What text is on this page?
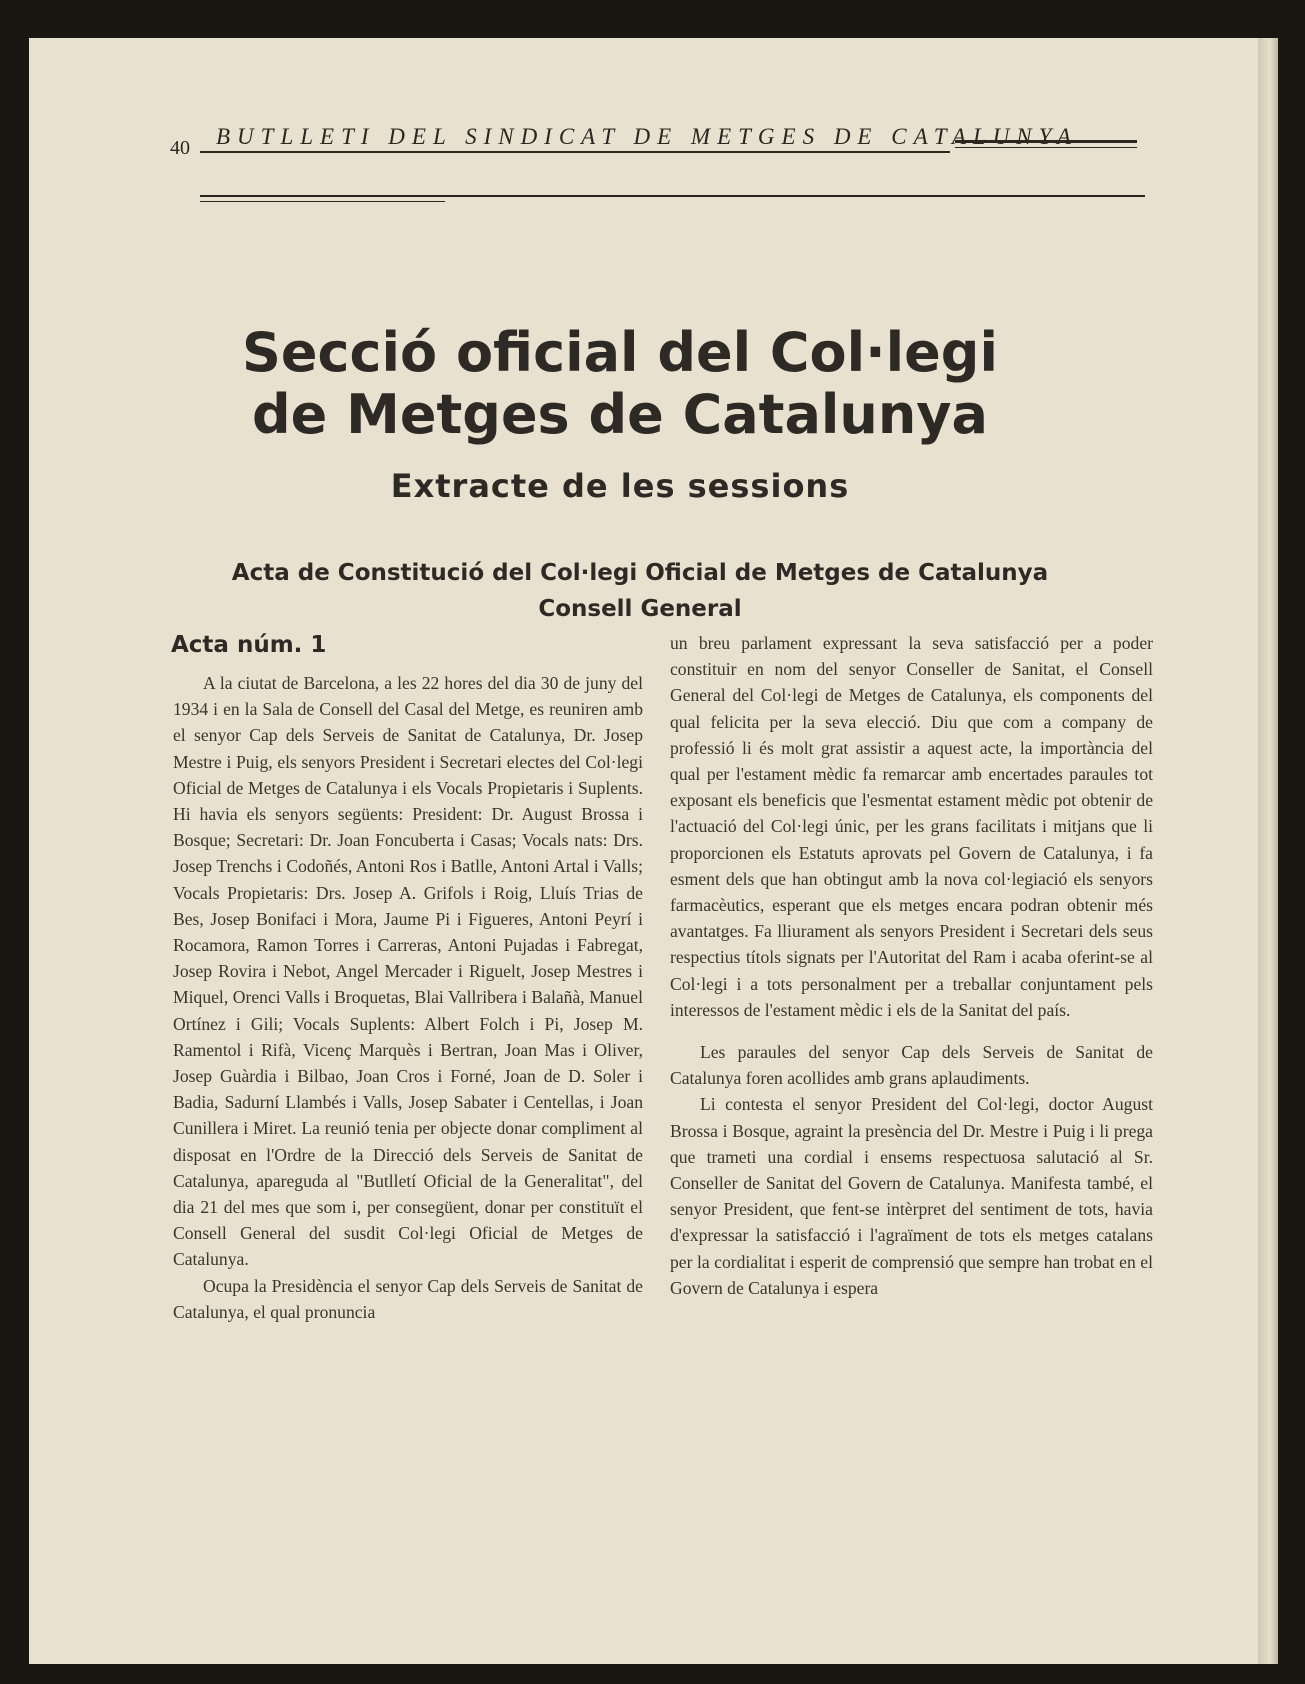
40 BUTLLETI DEL SINDICAT DE METGES DE CATALUNYA
Secció oficial del Col·legi
de Metges de Catalunya
Extracte de les sessions
Acta de Constitució del Col·legi Oficial de Metges de Catalunya
Consell General
Acta núm. 1

A la ciutat de Barcelona, a les 22 hores del dia 30 de juny del 1934 i en la Sala de Consell del Casal del Metge, es reuniren amb el senyor Cap dels Serveis de Sanitat de Catalunya, Dr. Josep Mestre i Puig, els senyors President i Secretari electes del Col·legi Oficial de Metges de Catalunya i els Vocals Propietaris i Suplents. Hi havia els senyors següents: President: Dr. August Brossa i Bosque; Secretari: Dr. Joan Foncuberta i Casas; Vocals nats: Drs. Josep Trenchs i Codoñés, Antoni Ros i Batlle, Antoni Artal i Valls; Vocals Propietaris: Drs. Josep A. Grifols i Roig, Lluís Trias de Bes, Josep Bonifaci i Mora, Jaume Pi i Figueres, Antoni Peyrí i Rocamora, Ramon Torres i Carreras, Antoni Pujadas i Fabregat, Josep Rovira i Nebot, Angel Mercader i Riguelt, Josep Mestres i Miquel, Orenci Valls i Broquetas, Blai Vallribera i Balañà, Manuel Ortínez i Gili; Vocals Suplents: Albert Folch i Pi, Josep M. Ramentol i Rifà, Vicenç Marquès i Bertran, Joan Mas i Oliver, Josep Guàrdia i Bilbao, Joan Cros i Forné, Joan de D. Soler i Badia, Sadurní Llambés i Valls, Josep Sabater i Centellas, i Joan Cunillera i Miret. La reunió tenia per objecte donar compliment al disposat en l'Ordre de la Direcció dels Serveis de Sanitat de Catalunya, apareguda al "Butlletí Oficial de la Generalitat", del dia 21 del mes que som i, per consegüent, donar per constituït el Consell General del susdit Col·legi Oficial de Metges de Catalunya.

Ocupa la Presidència el senyor Cap dels Serveis de Sanitat de Catalunya, el qual pronuncia

un breu parlament expressant la seva satisfacció per a poder constituir en nom del senyor Conseller de Sanitat, el Consell General del Col·legi de Metges de Catalunya, els components del qual felicita per la seva elecció. Diu que com a company de professió li és molt grat assistir a aquest acte, la importància del qual per l'estament mèdic fa remarcar amb encertades paraules tot exposant els beneficis que l'esmentat estament mèdic pot obtenir de l'actuació del Col·legi únic, per les grans facilitats i mitjans que li proporcionen els Estatuts aprovats pel Govern de Catalunya, i fa esment dels que han obtingut amb la nova col·legiació els senyors farmacèutics, esperant que els metges encara podran obtenir més avantatges. Fa lliurament als senyors President i Secretari dels seus respectius títols signats per l'Autoritat del Ram i acaba oferint-se al Col·legi i a tots personalment per a treballar conjuntament pels interessos de l'estament mèdic i els de la Sanitat del país.

Les paraules del senyor Cap dels Serveis de Sanitat de Catalunya foren acollides amb grans aplaudiments.

Li contesta el senyor President del Col·legi, doctor August Brossa i Bosque, agraint la presència del Dr. Mestre i Puig i li prega que trameti una cordial i ensems respectuosa salutació al Sr. Conseller de Sanitat del Govern de Catalunya. Manifesta també, el senyor President, que fent-se intèrpret del sentiment de tots, havia d'expressar la satisfacció i l'agraïment de tots els metges catalans per la cordialitat i esperit de comprensió que sempre han trobat en el Govern de Catalunya i espera
